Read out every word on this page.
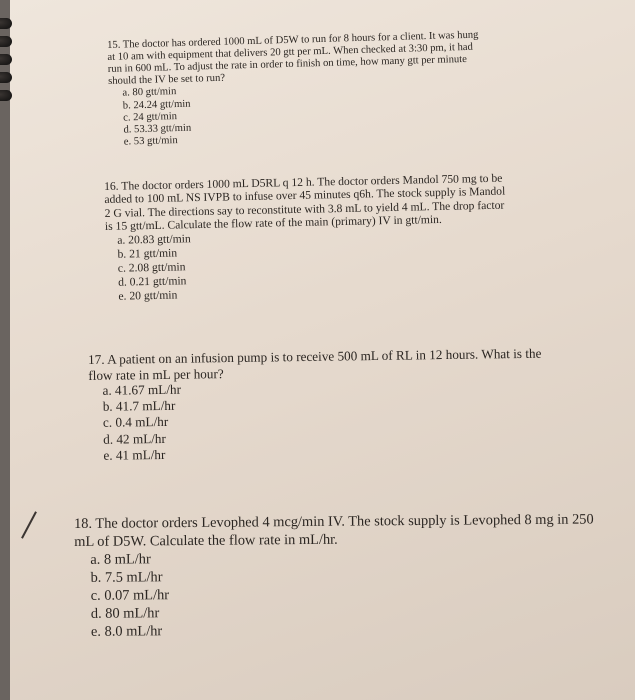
15. The doctor has ordered 1000 mL of D5W to run for 8 hours for a client. It was hung
at 10 am with equipment that delivers 20 gtt per mL. When checked at 3:30 pm, it had
run in 600 mL. To adjust the rate in order to finish on time, how many gtt per minute
should the IV be set to run?

a. 80 gtt/min
b. 24.24 gtt/min
c. 24 gtt/min
d. 53.33 gtt/min
e. 53 gtt/min

16. The doctor orders 1000 mL D5RL q 12 h. The doctor orders Mandol 750 mg to be
added to 100 mL NS IVPB to infuse over 45 minutes q6h. The stock supply is Mandol
2 G vial. The directions say to reconstitute with 3.8 mL to yield 4 mL. The drop factor
is 15 gtt/mL. Calculate the flow rate of the main (primary) IV in gtt/min.

a. 20.83 gtt/min
b. 21 gtt/min
c. 2.08 gtt/min
d. 0.21 gtt/min
e. 20 gtt/min

17. A patient on an infusion pump is to receive 500 mL of RL in 12 hours. What is the
flow rate in mL per hour?

a. 41.67 mL/hr
b. 41.7 mL/hr
c. 0.4 mL/hr
d. 42 mL/hr
e. 41 mL/hr

18. The doctor orders Levophed 4 mcg/min IV. The stock supply is Levophed 8 mg in 250
mL of D5W. Calculate the flow rate in mL/hr.

a. 8 mL/hr
b. 7.5 mL/hr
c. 0.07 mL/hr
d. 80 mL/hr
e. 8.0 mL/hr
